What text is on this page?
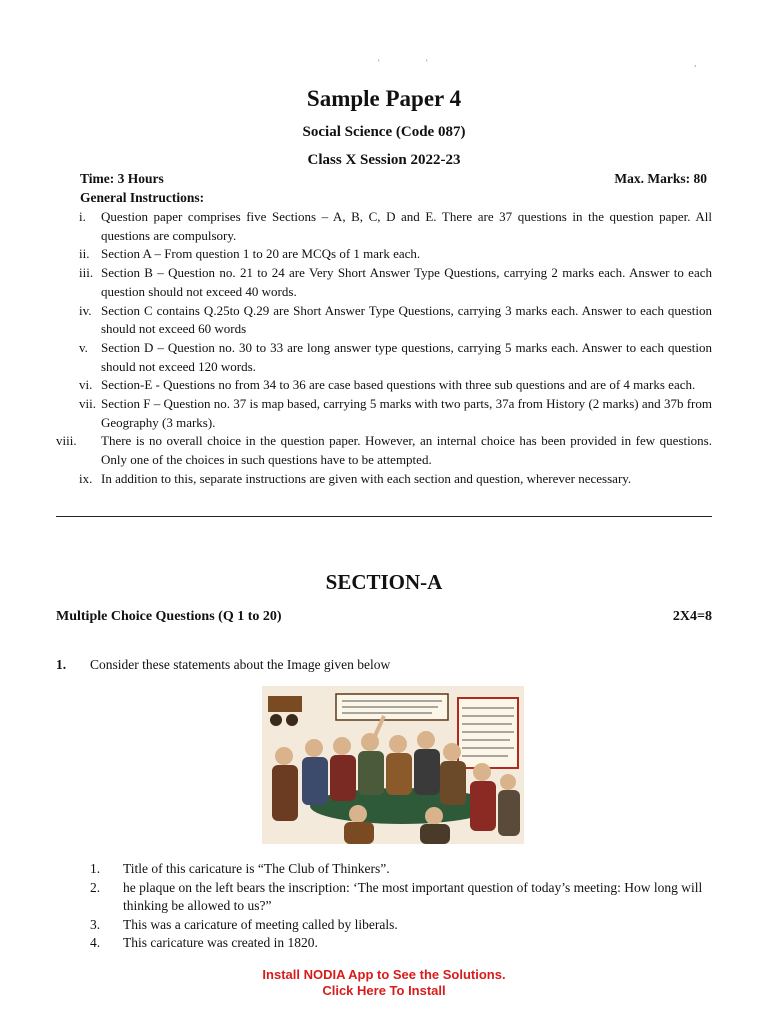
'	'	,
Sample Paper 4
Social Science (Code 087)
Class X Session 2022-23
Time: 3 Hours	Max. Marks: 80
General Instructions:
i. Question paper comprises five Sections – A, B, C, D and E. There are 37 questions in the question paper. All questions are compulsory.
ii. Section A – From question 1 to 20 are MCQs of 1 mark each.
iii. Section B – Question no. 21 to 24 are Very Short Answer Type Questions, carrying 2 marks each. Answer to each question should not exceed 40 words.
iv. Section C contains Q.25to Q.29 are Short Answer Type Questions, carrying 3 marks each. Answer to each question should not exceed 60 words
v. Section D – Question no. 30 to 33 are long answer type questions, carrying 5 marks each. Answer to each question should not exceed 120 words.
vi. Section-E - Questions no from 34 to 36 are case based questions with three sub questions and are of 4 marks each.
vii. Section F – Question no. 37 is map based, carrying 5 marks with two parts, 37a from History (2 marks) and 37b from Geography (3 marks).
viii. There is no overall choice in the question paper. However, an internal choice has been provided in few questions. Only one of the choices in such questions have to be attempted.
ix. In addition to this, separate instructions are given with each section and question, wherever necessary.
SECTION-A
Multiple Choice Questions (Q 1 to 20)	2X4=8
1. Consider these statements about the Image given below
1. Title of this caricature is “The Club of Thinkers”.
2. he plaque on the left bears the inscription: ‘The most important question of today’s meeting: How long will thinking be allowed to us?”
3. This was a caricature of meeting called by liberals.
4. This caricature was created in 1820.
Install NODIA App to See the Solutions.
Click Here To Install
